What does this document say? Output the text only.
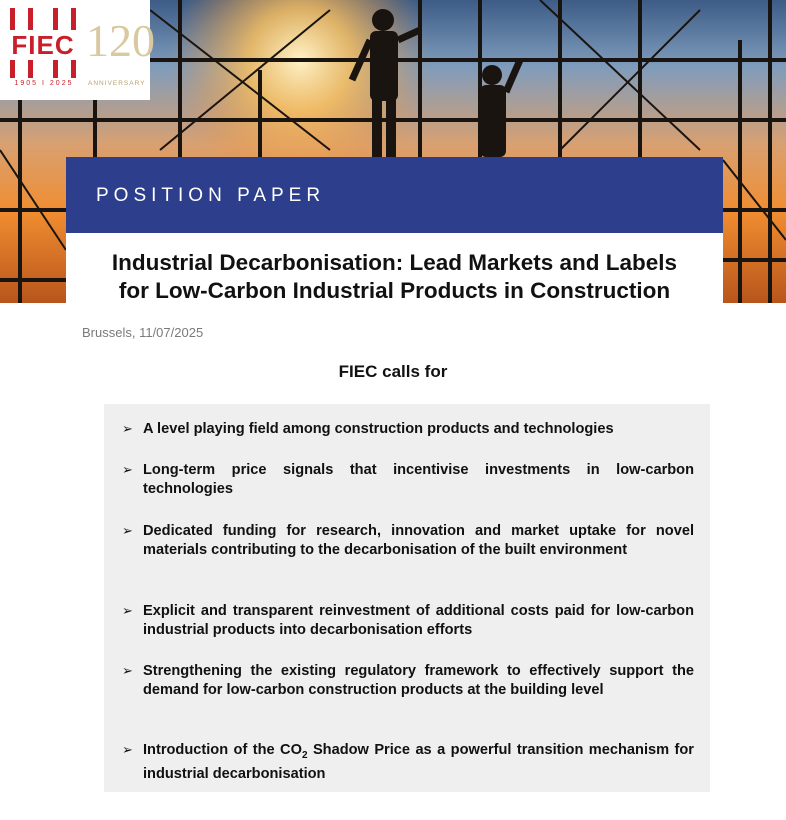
FIEC
1905 I 2025
120
ANNIVERSARY
POSITION PAPER
Industrial Decarbonisation: Lead Markets and Labels
for Low-Carbon Industrial Products in Construction
Brussels, 11/07/2025
FIEC calls for
➢ A level playing field among construction products and technologies
➢ Long-term price signals that incentivise investments in low-carbon technologies
➢ Dedicated funding for research, innovation and market uptake for novel materials contributing to the decarbonisation of the built environment
➢ Explicit and transparent reinvestment of additional costs paid for low-carbon industrial products into decarbonisation efforts
➢ Strengthening the existing regulatory framework to effectively support the demand for low-carbon construction products at the building level
➢ Introduction of the $CO_2$ Shadow Price as a powerful transition mechanism for industrial decarbonisation
